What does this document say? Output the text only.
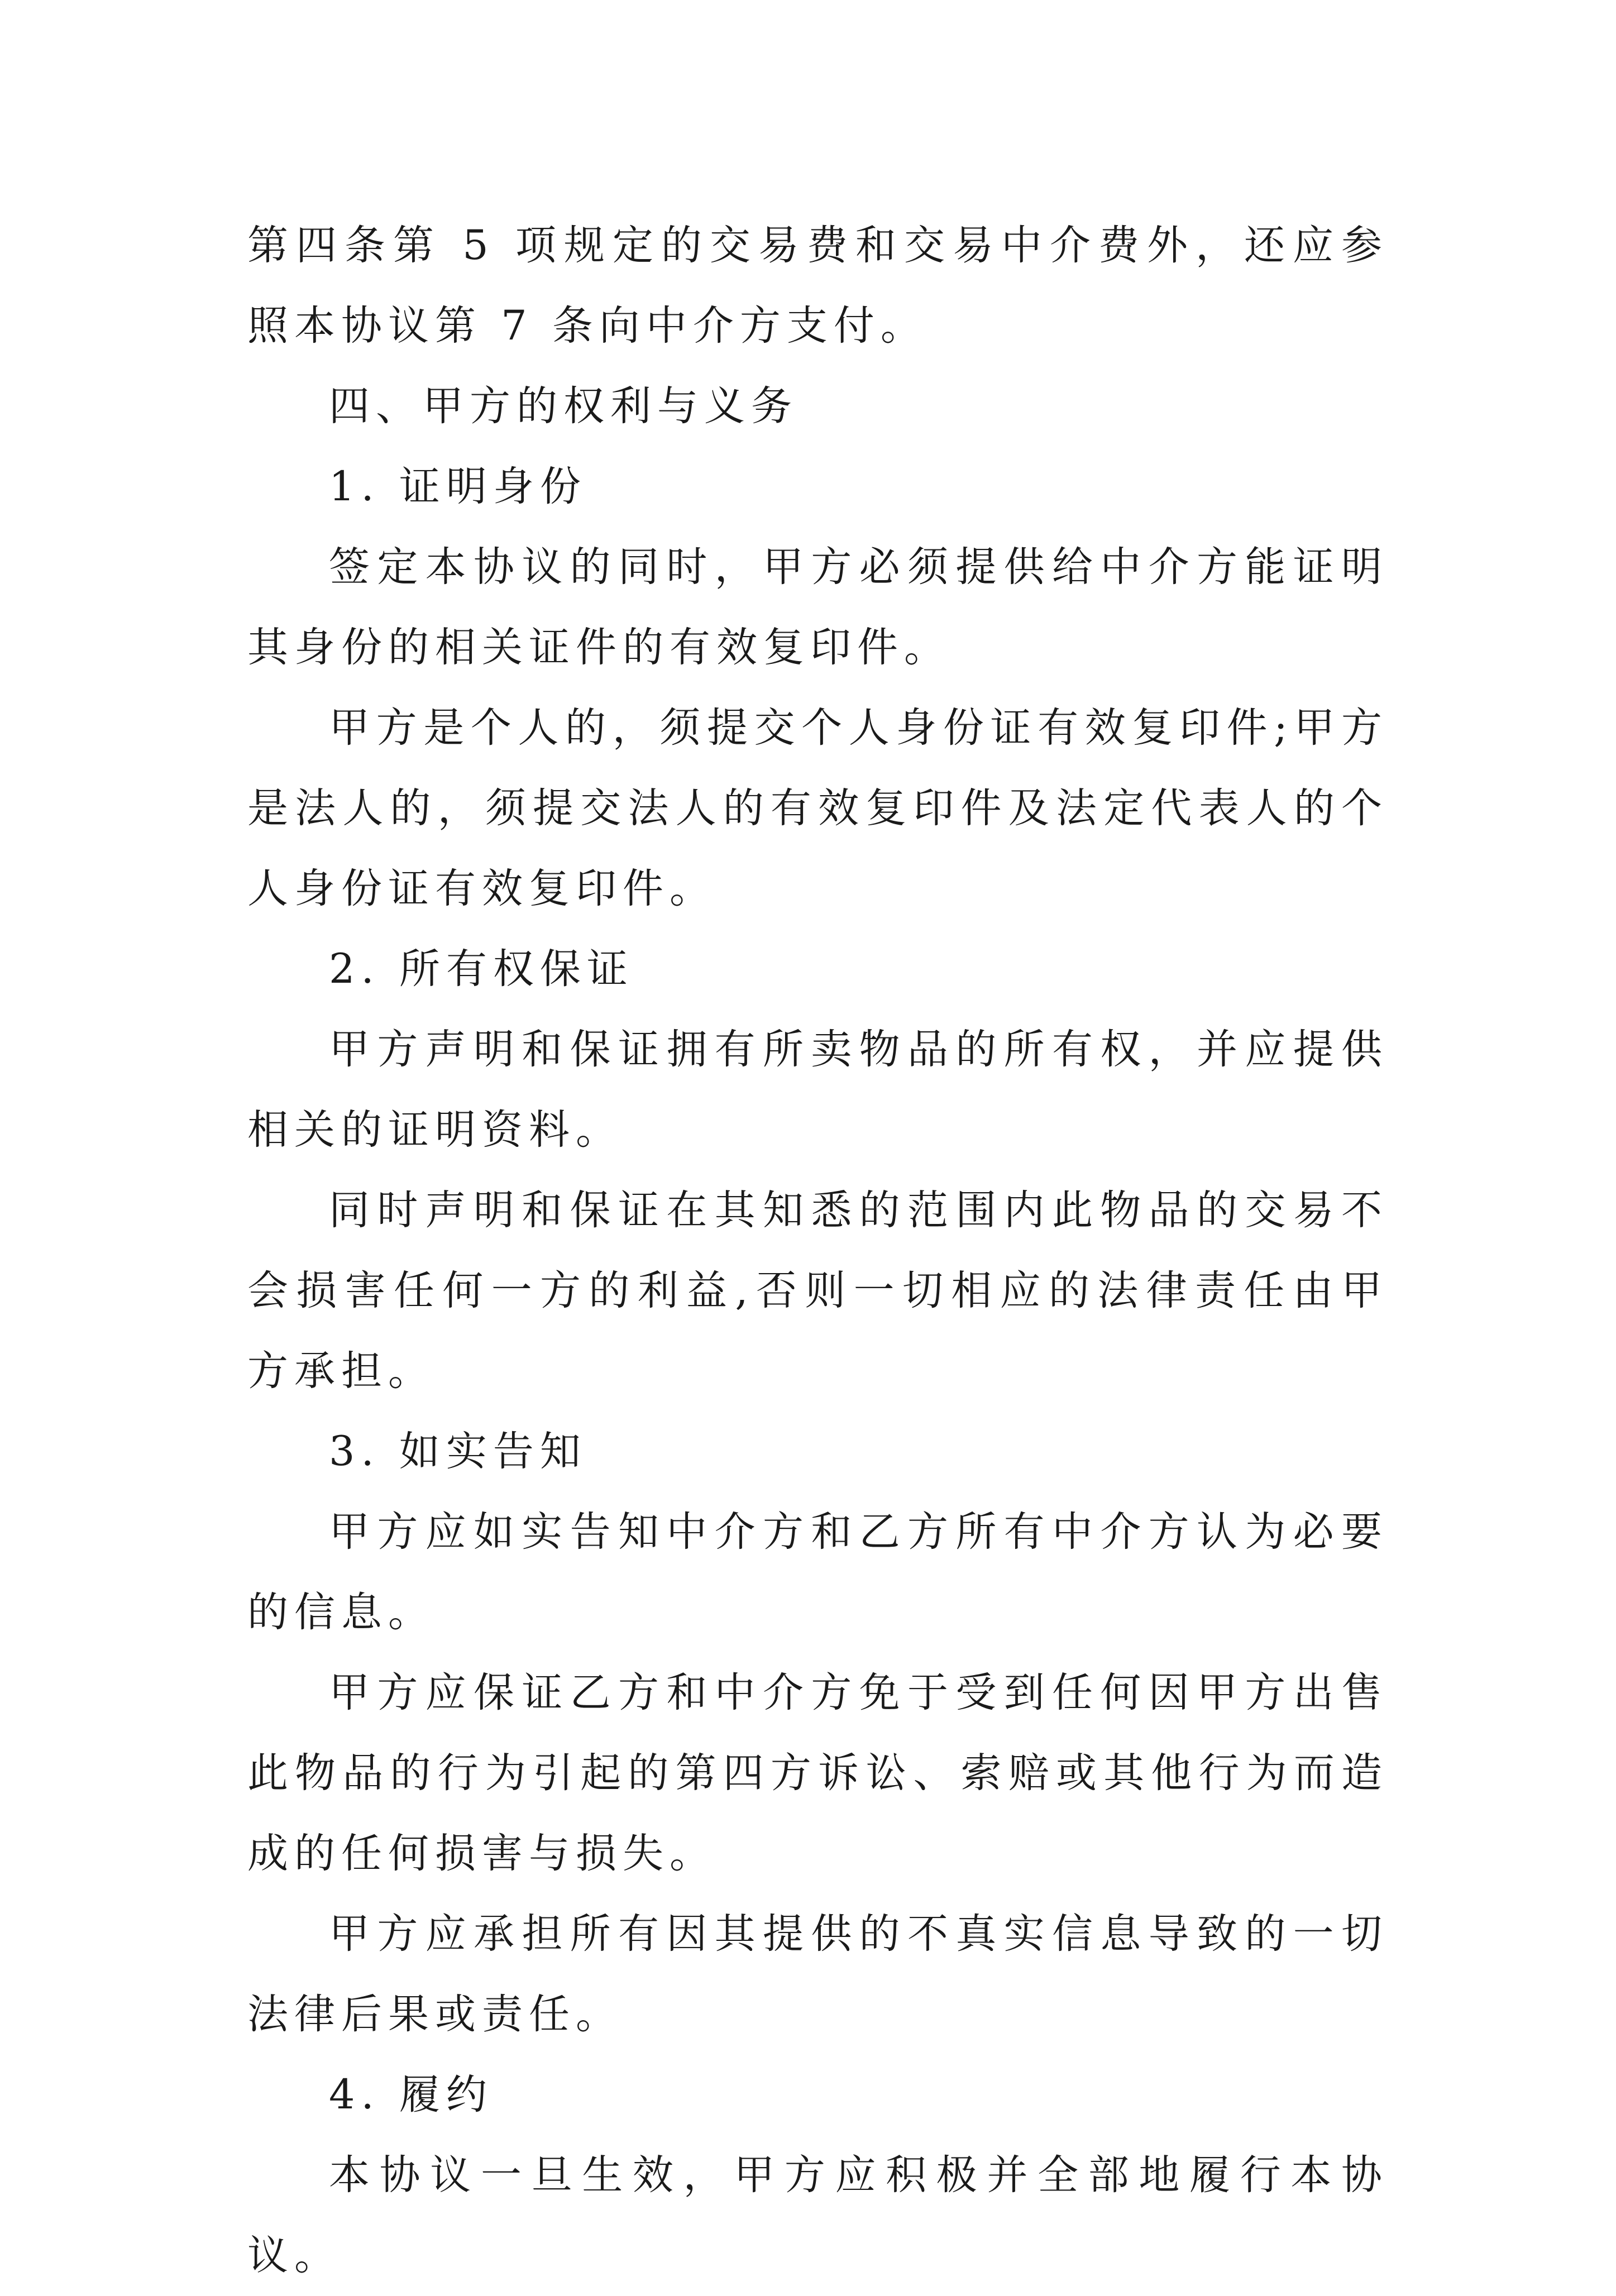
第四条第 5 项规定的交易费和交易中介费外，还应参照本协议第 7 条向中介方支付。

四、甲方的权利与义务

1. 证明身份

签定本协议的同时，甲方必须提供给中介方能证明其身份的相关证件的有效复印件。

甲方是个人的，须提交个人身份证有效复印件;甲方是法人的，须提交法人的有效复印件及法定代表人的个人身份证有效复印件。

2. 所有权保证

甲方声明和保证拥有所卖物品的所有权，并应提供相关的证明资料。

同时声明和保证在其知悉的范围内此物品的交易不会损害任何一方的利益,否则一切相应的法律责任由甲方承担。

3. 如实告知

甲方应如实告知中介方和乙方所有中介方认为必要的信息。

甲方应保证乙方和中介方免于受到任何因甲方出售此物品的行为引起的第四方诉讼、索赔或其他行为而造成的任何损害与损失。

甲方应承担所有因其提供的不真实信息导致的一切法律后果或责任。

4. 履约

本协议一旦生效，甲方应积极并全部地履行本协议。
